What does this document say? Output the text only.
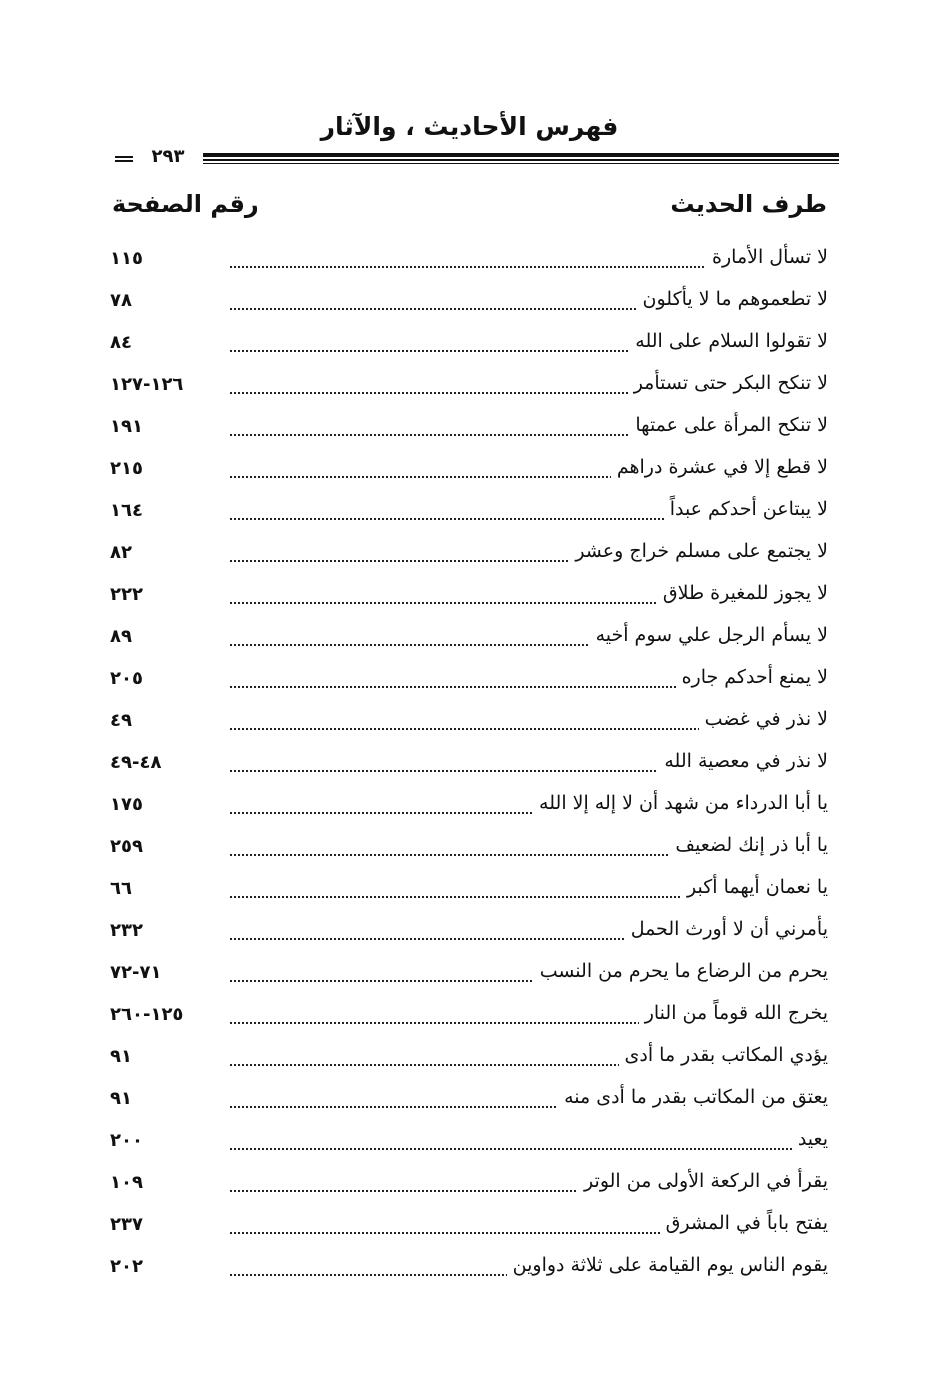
فهرس الأحاديث ، والآثار
٢٩٣
طرف الحديث
رقم الصفحة
لا تسأل الأمارة
١١٥
لا تطعموهم ما لا يأكلون
٧٨
لا تقولوا السلام على الله
٨٤
لا تنكح البكر حتى تستأمر
١٢٦-١٢٧
لا تنكح المرأة على عمتها
١٩١
لا قطع إلا في عشرة دراهم
٢١٥
لا يبتاعن أحدكم عبداً
١٦٤
لا يجتمع على مسلم خراج وعشر
٨٢
لا يجوز للمغيرة طلاق
٢٢٢
لا يسأم الرجل علي سوم أخيه
٨٩
لا يمنع أحدكم جاره
٢٠٥
لا نذر في غضب
٤٩
لا نذر في معصية الله
٤٨-٤٩
يا أبا الدرداء من شهد أن لا إله إلا الله
١٧٥
يا أبا ذر إنك لضعيف
٢٥٩
يا نعمان أيهما أكبر
٦٦
يأمرني أن لا أورث الحمل
٢٣٢
يحرم من الرضاع ما يحرم من النسب
٧١-٧٢
يخرج الله قوماً من النار
١٢٥-٢٦٠
يؤدي المكاتب بقدر ما أدى
٩١
يعتق من المكاتب بقدر ما أدى منه
٩١
يعيد
٢٠٠
يقرأ في الركعة الأولى من الوتر
١٠٩
يفتح باباً في المشرق
٢٣٧
يقوم الناس يوم القيامة على ثلاثة دواوين
٢٠٢
